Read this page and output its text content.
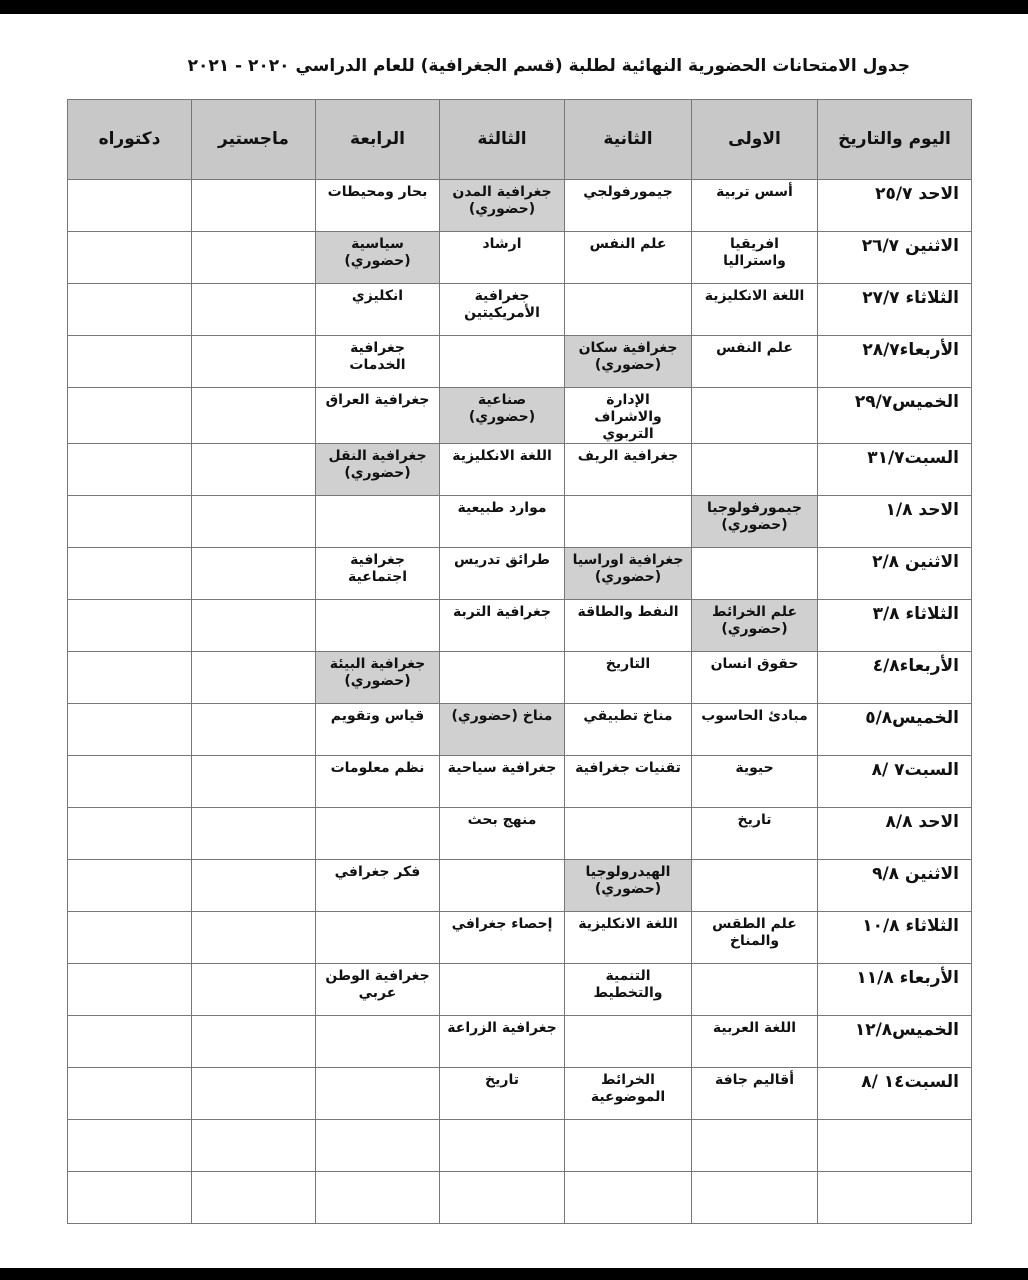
جدول الامتحانات الحضورية النهائية لطلبة (قسم الجغرافية) للعام الدراسي ٢٠٢٠ - ٢٠٢١
اليوم والتاريخ	الاولى	الثانية	الثالثة	الرابعة	ماجستير	دكتوراه
الاحد ٢٥/٧	أسس تربية	جيمورفولجي	جغرافية المدن (حضوري)	بحار ومحيطات		
الاثنين ٢٦/٧	افريقيا واستراليا	علم النفس	ارشاد	سياسية (حضوري)		
الثلاثاء ٢٧/٧	اللغة الانكليزية		جغرافية الأمريكيتين	انكليزي		
الأربعاء٢٨/٧	علم النفس	جغرافية سكان (حضوري)		جغرافية الخدمات		
الخميس٢٩/٧		الإدارة والاشراف التربوي	صناعية (حضوري)	جغرافية العراق		
السبت٣١/٧		جغرافية الريف	اللغة الانكليزية	جغرافية النقل (حضوري)		
الاحد ١/٨	جيمورفولوجيا (حضوري)		موارد طبيعية			
الاثنين ٢/٨		جغرافية اوراسيا (حضوري)	طرائق تدريس	جغرافية اجتماعية		
الثلاثاء ٣/٨	علم الخرائط (حضوري)	النفط والطاقة	جغرافية التربة			
الأربعاء٤/٨	حقوق انسان	التاريخ		جغرافية البيئة (حضوري)		
الخميس٥/٨	مبادئ الحاسوب	مناخ تطبيقي	مناخ (حضوري)	قياس وتقويم		
السبت٧ /٨	حيوية	تقنيات جغرافية	جغرافية سياحية	نظم معلومات		
الاحد ٨/٨	تاريخ		منهج بحث			
الاثنين ٩/٨		الهيدرولوجيا (حضوري)		فكر جغرافي		
الثلاثاء ١٠/٨	علم الطقس والمناخ	اللغة الانكليزية	إحصاء جغرافي			
الأربعاء ١١/٨		التنمية والتخطيط		جغرافية الوطن عربي		
الخميس١٢/٨	اللغة العربية		جغرافية الزراعة			
السبت١٤ /٨	أقاليم جافة	الخرائط الموضوعية	تاريخ			
